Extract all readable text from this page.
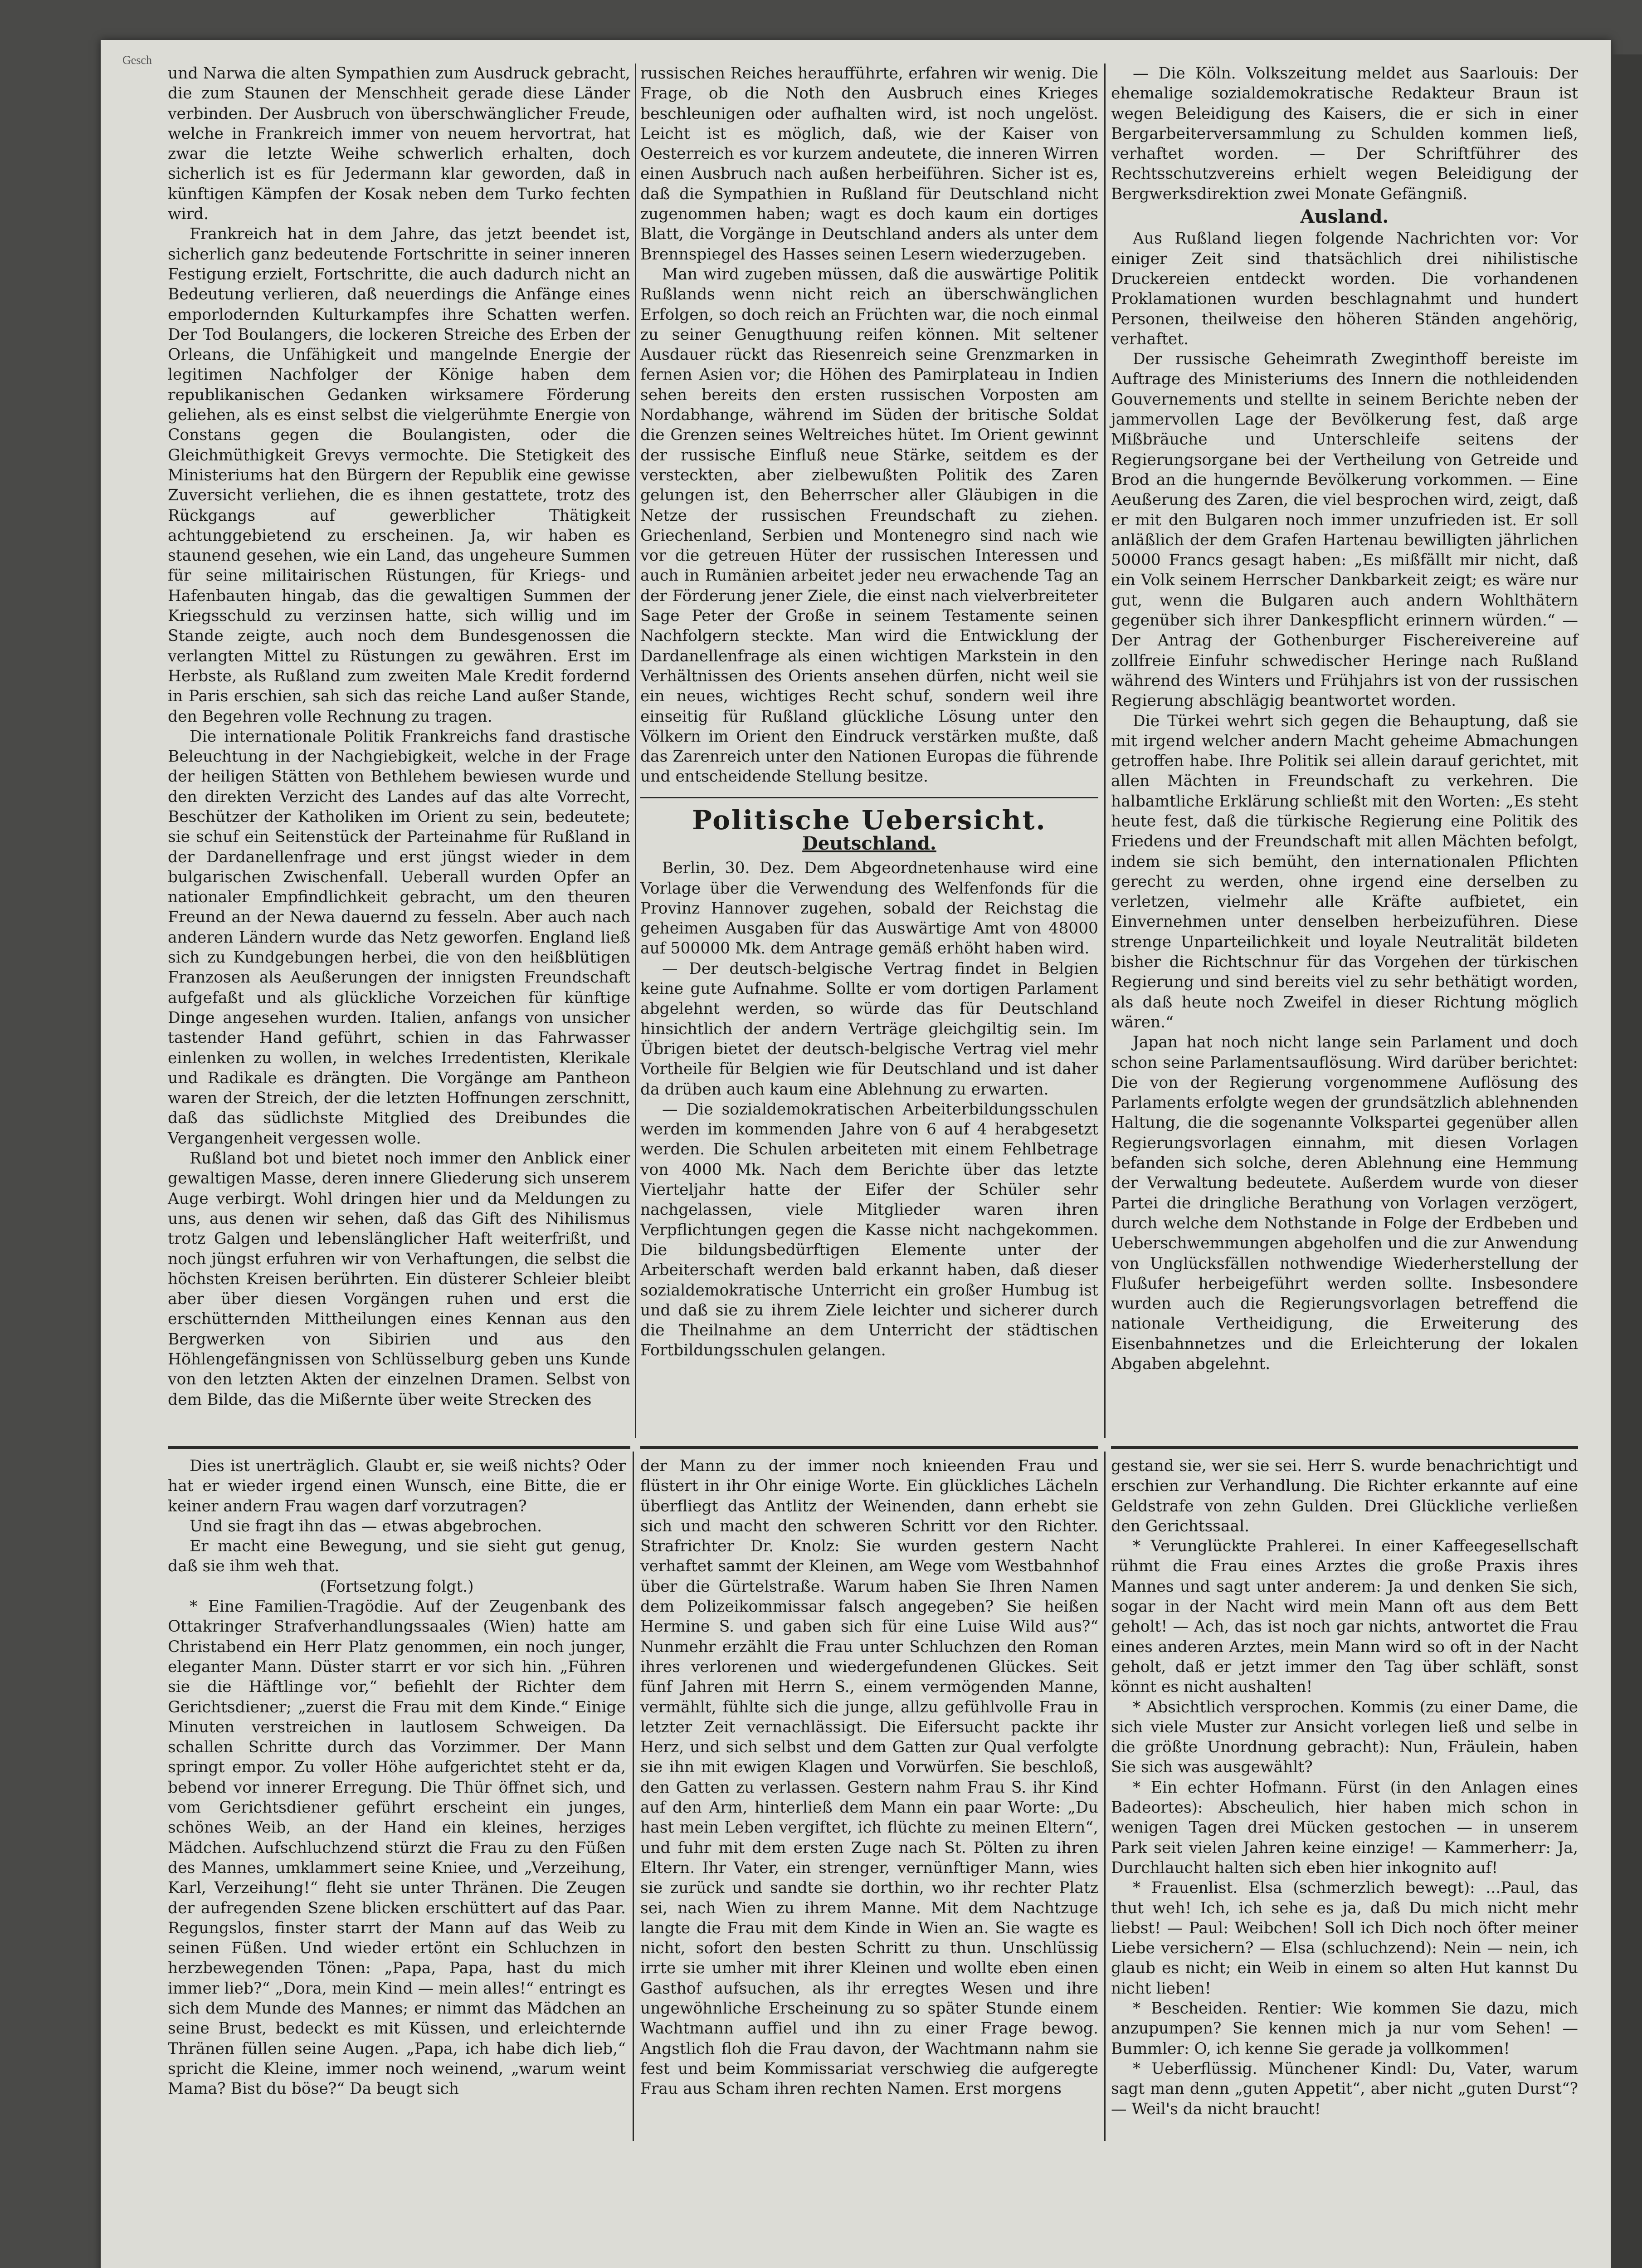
Gesch

und Narwa die alten Sympathien zum Ausdruck gebracht, die zum Staunen der Menschheit gerade diese Länder verbinden. Der Ausbruch von überschwänglicher Freude, welche in Frankreich immer von neuem hervortrat, hat zwar die letzte Weihe schwerlich erhalten, doch sicherlich ist es für Jedermann klar geworden, daß in künftigen Kämpfen der Kosak neben dem Turko fechten wird.

Frankreich hat in dem Jahre, das jetzt beendet ist, sicherlich ganz bedeutende Fortschritte in seiner inneren Festigung erzielt, Fortschritte, die auch dadurch nicht an Bedeutung verlieren, daß neuerdings die Anfänge eines emporlodernden Kulturkampfes ihre Schatten werfen. Der Tod Boulangers, die lockeren Streiche des Erben der Orleans, die Unfähigkeit und mangelnde Energie der legitimen Nachfolger der Könige haben dem republikanischen Gedanken wirksamere Förderung geliehen, als es einst selbst die vielgerühmte Energie von Constans gegen die Boulangisten, oder die Gleichmüthigkeit Grevys vermochte. Die Stetigkeit des Ministeriums hat den Bürgern der Republik eine gewisse Zuversicht verliehen, die es ihnen gestattete, trotz des Rückgangs auf gewerblicher Thätigkeit achtunggebietend zu erscheinen. Ja, wir haben es staunend gesehen, wie ein Land, das ungeheure Summen für seine militairischen Rüstungen, für Kriegs- und Hafenbauten hingab, das die gewaltigen Summen der Kriegsschuld zu verzinsen hatte, sich willig und im Stande zeigte, auch noch dem Bundesgenossen die verlangten Mittel zu Rüstungen zu gewähren. Erst im Herbste, als Rußland zum zweiten Male Kredit fordernd in Paris erschien, sah sich das reiche Land außer Stande, den Begehren volle Rechnung zu tragen.

Die internationale Politik Frankreichs fand drastische Beleuchtung in der Nachgiebigkeit, welche in der Frage der heiligen Stätten von Bethlehem bewiesen wurde und den direkten Verzicht des Landes auf das alte Vorrecht, Beschützer der Katholiken im Orient zu sein, bedeutete; sie schuf ein Seitenstück der Parteinahme für Rußland in der Dardanellenfrage und erst jüngst wieder in dem bulgarischen Zwischenfall. Ueberall wurden Opfer an nationaler Empfindlichkeit gebracht, um den theuren Freund an der Newa dauernd zu fesseln. Aber auch nach anderen Ländern wurde das Netz geworfen. England ließ sich zu Kundgebungen herbei, die von den heißblütigen Franzosen als Aeußerungen der innigsten Freundschaft aufgefaßt und als glückliche Vorzeichen für künftige Dinge angesehen wurden. Italien, anfangs von unsicher tastender Hand geführt, schien in das Fahrwasser einlenken zu wollen, in welches Irredentisten, Klerikale und Radikale es drängten. Die Vorgänge am Pantheon waren der Streich, der die letzten Hoffnungen zerschnitt, daß das südlichste Mitglied des Dreibundes die Vergangenheit vergessen wolle.

Rußland bot und bietet noch immer den Anblick einer gewaltigen Masse, deren innere Gliederung sich unserem Auge verbirgt. Wohl dringen hier und da Meldungen zu uns, aus denen wir sehen, daß das Gift des Nihilismus trotz Galgen und lebenslänglicher Haft weiterfrißt, und noch jüngst erfuhren wir von Verhaftungen, die selbst die höchsten Kreisen berührten. Ein düsterer Schleier bleibt aber über diesen Vorgängen ruhen und erst die erschütternden Mittheilungen eines Kennan aus den Bergwerken von Sibirien und aus den Höhlengefängnissen von Schlüsselburg geben uns Kunde von den letzten Akten der einzelnen Dramen. Selbst von dem Bilde, das die Mißernte über weite Strecken des

russischen Reiches heraufführte, erfahren wir wenig. Die Frage, ob die Noth den Ausbruch eines Krieges beschleunigen oder aufhalten wird, ist noch ungelöst. Leicht ist es möglich, daß, wie der Kaiser von Oesterreich es vor kurzem andeutete, die inneren Wirren einen Ausbruch nach außen herbeiführen. Sicher ist es, daß die Sympathien in Rußland für Deutschland nicht zugenommen haben; wagt es doch kaum ein dortiges Blatt, die Vorgänge in Deutschland anders als unter dem Brennspiegel des Hasses seinen Lesern wiederzugeben.

Man wird zugeben müssen, daß die auswärtige Politik Rußlands wenn nicht reich an überschwänglichen Erfolgen, so doch reich an Früchten war, die noch einmal zu seiner Genugthuung reifen können. Mit seltener Ausdauer rückt das Riesenreich seine Grenzmarken in fernen Asien vor; die Höhen des Pamirplateau in Indien sehen bereits den ersten russischen Vorposten am Nordabhange, während im Süden der britische Soldat die Grenzen seines Weltreiches hütet. Im Orient gewinnt der russische Einfluß neue Stärke, seitdem es der versteckten, aber zielbewußten Politik des Zaren gelungen ist, den Beherrscher aller Gläubigen in die Netze der russischen Freundschaft zu ziehen. Griechenland, Serbien und Montenegro sind nach wie vor die getreuen Hüter der russischen Interessen und auch in Rumänien arbeitet jeder neu erwachende Tag an der Förderung jener Ziele, die einst nach vielverbreiteter Sage Peter der Große in seinem Testamente seinen Nachfolgern steckte. Man wird die Entwicklung der Dardanellenfrage als einen wichtigen Markstein in den Verhältnissen des Orients ansehen dürfen, nicht weil sie ein neues, wichtiges Recht schuf, sondern weil ihre einseitig für Rußland glückliche Lösung unter den Völkern im Orient den Eindruck verstärken mußte, daß das Zarenreich unter den Nationen Europas die führende und entscheidende Stellung besitze.

Politische Uebersicht.
Deutschland.

Berlin, 30. Dez. Dem Abgeordnetenhause wird eine Vorlage über die Verwendung des Welfenfonds für die Provinz Hannover zugehen, sobald der Reichstag die geheimen Ausgaben für das Auswärtige Amt von 48000 auf 500000 Mk. dem Antrage gemäß erhöht haben wird.

— Der deutsch-belgische Vertrag findet in Belgien keine gute Aufnahme. Sollte er vom dortigen Parlament abgelehnt werden, so würde das für Deutschland hinsichtlich der andern Verträge gleichgiltig sein. Im Übrigen bietet der deutsch-belgische Vertrag viel mehr Vortheile für Belgien wie für Deutschland und ist daher da drüben auch kaum eine Ablehnung zu erwarten.

— Die sozialdemokratischen Arbeiterbildungsschulen werden im kommenden Jahre von 6 auf 4 herabgesetzt werden. Die Schulen arbeiteten mit einem Fehlbetrage von 4000 Mk. Nach dem Berichte über das letzte Vierteljahr hatte der Eifer der Schüler sehr nachgelassen, viele Mitglieder waren ihren Verpflichtungen gegen die Kasse nicht nachgekommen. Die bildungsbedürftigen Elemente unter der Arbeiterschaft werden bald erkannt haben, daß dieser sozialdemokratische Unterricht ein großer Humbug ist und daß sie zu ihrem Ziele leichter und sicherer durch die Theilnahme an dem Unterricht der städtischen Fortbildungsschulen gelangen.

— Die Köln. Volkszeitung meldet aus Saarlouis: Der ehemalige sozialdemokratische Redakteur Braun ist wegen Beleidigung des Kaisers, die er sich in einer Bergarbeiterversammlung zu Schulden kommen ließ, verhaftet worden. — Der Schriftführer des Rechtsschutzvereins erhielt wegen Beleidigung der Bergwerksdirektion zwei Monate Gefängniß.

Ausland.

Aus Rußland liegen folgende Nachrichten vor: Vor einiger Zeit sind thatsächlich drei nihilistische Druckereien entdeckt worden. Die vorhandenen Proklamationen wurden beschlagnahmt und hundert Personen, theilweise den höheren Ständen angehörig, verhaftet.

Der russische Geheimrath Zweginthoff bereiste im Auftrage des Ministeriums des Innern die nothleidenden Gouvernements und stellte in seinem Berichte neben der jammervollen Lage der Bevölkerung fest, daß arge Mißbräuche und Unterschleife seitens der Regierungsorgane bei der Vertheilung von Getreide und Brod an die hungernde Bevölkerung vorkommen. — Eine Aeußerung des Zaren, die viel besprochen wird, zeigt, daß er mit den Bulgaren noch immer unzufrieden ist. Er soll anläßlich der dem Grafen Hartenau bewilligten jährlichen 50000 Francs gesagt haben: „Es mißfällt mir nicht, daß ein Volk seinem Herrscher Dankbarkeit zeigt; es wäre nur gut, wenn die Bulgaren auch andern Wohlthätern gegenüber sich ihrer Dankespflicht erinnern würden.“ — Der Antrag der Gothenburger Fischereivereine auf zollfreie Einfuhr schwedischer Heringe nach Rußland während des Winters und Frühjahrs ist von der russischen Regierung abschlägig beantwortet worden.

Die Türkei wehrt sich gegen die Behauptung, daß sie mit irgend welcher andern Macht geheime Abmachungen getroffen habe. Ihre Politik sei allein darauf gerichtet, mit allen Mächten in Freundschaft zu verkehren. Die halbamtliche Erklärung schließt mit den Worten: „Es steht heute fest, daß die türkische Regierung eine Politik des Friedens und der Freundschaft mit allen Mächten befolgt, indem sie sich bemüht, den internationalen Pflichten gerecht zu werden, ohne irgend eine derselben zu verletzen, vielmehr alle Kräfte aufbietet, ein Einvernehmen unter denselben herbeizuführen. Diese strenge Unparteilichkeit und loyale Neutralität bildeten bisher die Richtschnur für das Vorgehen der türkischen Regierung und sind bereits viel zu sehr bethätigt worden, als daß heute noch Zweifel in dieser Richtung möglich wären.“

Japan hat noch nicht lange sein Parlament und doch schon seine Parlamentsauflösung. Wird darüber berichtet: Die von der Regierung vorgenommene Auflösung des Parlaments erfolgte wegen der grundsätzlich ablehnenden Haltung, die die sogenannte Volkspartei gegenüber allen Regierungsvorlagen einnahm, mit diesen Vorlagen befanden sich solche, deren Ablehnung eine Hemmung der Verwaltung bedeutete. Außerdem wurde von dieser Partei die dringliche Berathung von Vorlagen verzögert, durch welche dem Nothstande in Folge der Erdbeben und Ueberschwemmungen abgeholfen und die zur Anwendung von Unglücksfällen nothwendige Wiederherstellung der Flußufer herbeigeführt werden sollte. Insbesondere wurden auch die Regierungsvorlagen betreffend die nationale Vertheidigung, die Erweiterung des Eisenbahnnetzes und die Erleichterung der lokalen Abgaben abgelehnt.

Dies ist unerträglich. Glaubt er, sie weiß nichts? Oder hat er wieder irgend einen Wunsch, eine Bitte, die er keiner andern Frau wagen darf vorzutragen?

Und sie fragt ihn das — etwas abgebrochen.

Er macht eine Bewegung, und sie sieht gut genug, daß sie ihm weh that.

(Fortsetzung folgt.)

* Eine Familien-Tragödie. Auf der Zeugenbank des Ottakringer Strafverhandlungssaales (Wien) hatte am Christabend ein Herr Platz genommen, ein noch junger, eleganter Mann. Düster starrt er vor sich hin. „Führen sie die Häftlinge vor,“ befiehlt der Richter dem Gerichtsdiener; „zuerst die Frau mit dem Kinde.“ Einige Minuten verstreichen in lautlosem Schweigen. Da schallen Schritte durch das Vorzimmer. Der Mann springt empor. Zu voller Höhe aufgerichtet steht er da, bebend vor innerer Erregung. Die Thür öffnet sich, und vom Gerichtsdiener geführt erscheint ein junges, schönes Weib, an der Hand ein kleines, herziges Mädchen. Aufschluchzend stürzt die Frau zu den Füßen des Mannes, umklammert seine Kniee, und „Verzeihung, Karl, Verzeihung!“ fleht sie unter Thränen. Die Zeugen der aufregenden Szene blicken erschüttert auf das Paar. Regungslos, finster starrt der Mann auf das Weib zu seinen Füßen. Und wieder ertönt ein Schluchzen in herzbewegenden Tönen: „Papa, Papa, hast du mich immer lieb?“ „Dora, mein Kind — mein alles!“ entringt es sich dem Munde des Mannes; er nimmt das Mädchen an seine Brust, bedeckt es mit Küssen, und erleichternde Thränen füllen seine Augen. „Papa, ich habe dich lieb,“ spricht die Kleine, immer noch weinend, „warum weint Mama? Bist du böse?“ Da beugt sich

der Mann zu der immer noch knieenden Frau und flüstert in ihr Ohr einige Worte. Ein glückliches Lächeln überfliegt das Antlitz der Weinenden, dann erhebt sie sich und macht den schweren Schritt vor den Richter. Strafrichter Dr. Knolz: Sie wurden gestern Nacht verhaftet sammt der Kleinen, am Wege vom Westbahnhof über die Gürtelstraße. Warum haben Sie Ihren Namen dem Polizeikommissar falsch angegeben? Sie heißen Hermine S. und gaben sich für eine Luise Wild aus?“ Nunmehr erzählt die Frau unter Schluchzen den Roman ihres verlorenen und wiedergefundenen Glückes. Seit fünf Jahren mit Herrn S., einem vermögenden Manne, vermählt, fühlte sich die junge, allzu gefühlvolle Frau in letzter Zeit vernachlässigt. Die Eifersucht packte ihr Herz, und sich selbst und dem Gatten zur Qual verfolgte sie ihn mit ewigen Klagen und Vorwürfen. Sie beschloß, den Gatten zu verlassen. Gestern nahm Frau S. ihr Kind auf den Arm, hinterließ dem Mann ein paar Worte: „Du hast mein Leben vergiftet, ich flüchte zu meinen Eltern“, und fuhr mit dem ersten Zuge nach St. Pölten zu ihren Eltern. Ihr Vater, ein strenger, vernünftiger Mann, wies sie zurück und sandte sie dorthin, wo ihr rechter Platz sei, nach Wien zu ihrem Manne. Mit dem Nachtzuge langte die Frau mit dem Kinde in Wien an. Sie wagte es nicht, sofort den besten Schritt zu thun. Unschlüssig irrte sie umher mit ihrer Kleinen und wollte eben einen Gasthof aufsuchen, als ihr erregtes Wesen und ihre ungewöhnliche Erscheinung zu so später Stunde einem Wachtmann auffiel und ihn zu einer Frage bewog. Angstlich floh die Frau davon, der Wachtmann nahm sie fest und beim Kommissariat verschwieg die aufgeregte Frau aus Scham ihren rechten Namen. Erst morgens

gestand sie, wer sie sei. Herr S. wurde benachrichtigt und erschien zur Verhandlung. Die Richter erkannte auf eine Geldstrafe von zehn Gulden. Drei Glückliche verließen den Gerichtssaal.

* Verunglückte Prahlerei. In einer Kaffeegesellschaft rühmt die Frau eines Arztes die große Praxis ihres Mannes und sagt unter anderem: Ja und denken Sie sich, sogar in der Nacht wird mein Mann oft aus dem Bett geholt! — Ach, das ist noch gar nichts, antwortet die Frau eines anderen Arztes, mein Mann wird so oft in der Nacht geholt, daß er jetzt immer den Tag über schläft, sonst könnt es nicht aushalten!

* Absichtlich versprochen. Kommis (zu einer Dame, die sich viele Muster zur Ansicht vorlegen ließ und selbe in die größte Unordnung gebracht): Nun, Fräulein, haben Sie sich was ausgewählt?

* Ein echter Hofmann. Fürst (in den Anlagen eines Badeortes): Abscheulich, hier haben mich schon in wenigen Tagen drei Mücken gestochen — in unserem Park seit vielen Jahren keine einzige! — Kammerherr: Ja, Durchlaucht halten sich eben hier inkognito auf!

* Frauenlist. Elsa (schmerzlich bewegt): ...Paul, das thut weh! Ich, ich sehe es ja, daß Du mich nicht mehr liebst! — Paul: Weibchen! Soll ich Dich noch öfter meiner Liebe versichern? — Elsa (schluchzend): Nein — nein, ich glaub es nicht; ein Weib in einem so alten Hut kannst Du nicht lieben!

* Bescheiden. Rentier: Wie kommen Sie dazu, mich anzupumpen? Sie kennen mich ja nur vom Sehen! — Bummler: O, ich kenne Sie gerade ja vollkommen!

* Ueberflüssig. Münchener Kindl: Du, Vater, warum sagt man denn „guten Appetit“, aber nicht „guten Durst“? — Weil's da nicht braucht!
